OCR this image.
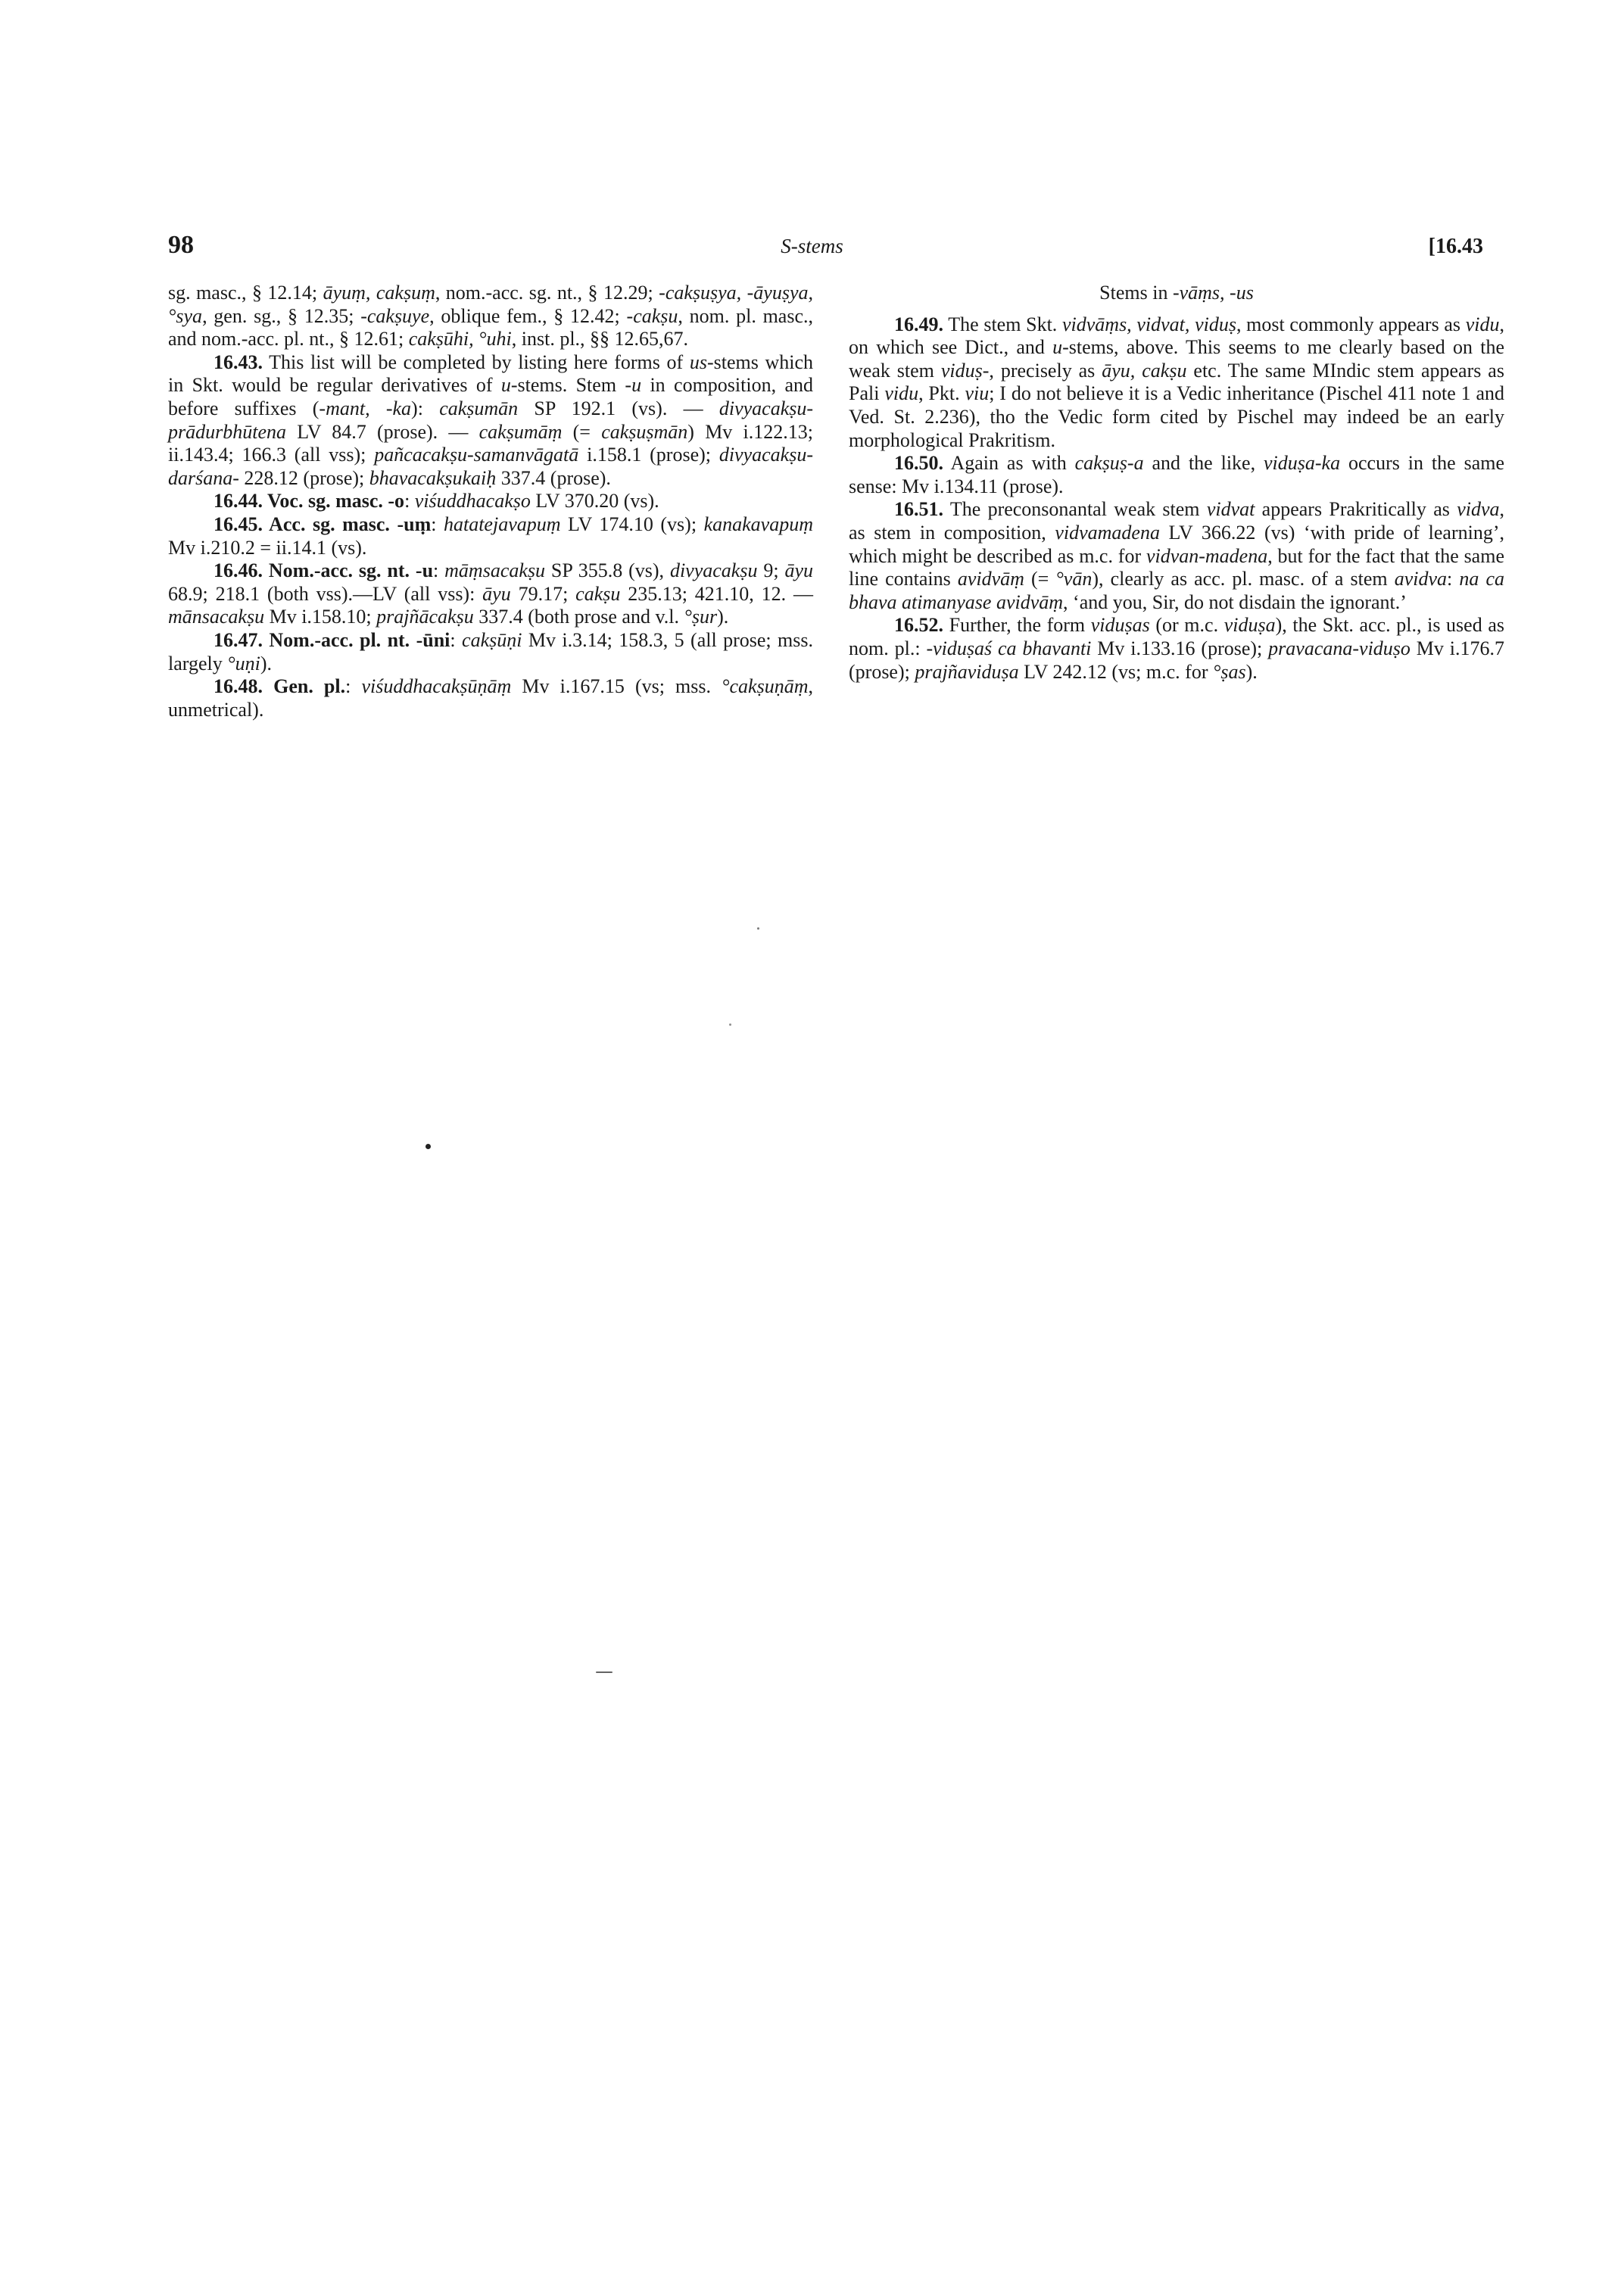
98	S-stems	[16.43

sg. masc., § 12.14; āyuṃ, cakṣuṃ, nom.-acc. sg. nt., § 12.29; -cakṣuṣya, -āyuṣya, °sya, gen. sg., § 12.35; -cakṣuye, oblique fem., § 12.42; -cakṣu, nom. pl. masc., and nom.-acc. pl. nt., § 12.61; cakṣūhi, °uhi, inst. pl., §§ 12.65,67.

16.43. This list will be completed by listing here forms of us-stems which in Skt. would be regular derivatives of u-stems. Stem -u in composition, and before suffixes (-mant, -ka): cakṣumān SP 192.1 (vs). — divyacakṣu-prādurbhūtena LV 84.7 (prose). — cakṣumāṃ (= cakṣuṣmān) Mv i.122.13; ii.143.4; 166.3 (all vss); pañcacakṣu-samanvāgatā i.158.1 (prose); divyacakṣu-darśana- 228.12 (prose); bhavacakṣukaiḥ 337.4 (prose).

16.44. Voc. sg. masc. -o: viśuddhacakṣo LV 370.20 (vs).

16.45. Acc. sg. masc. -uṃ: hatatejavapuṃ LV 174.10 (vs); kanakavapuṃ Mv i.210.2 = ii.14.1 (vs).

16.46. Nom.-acc. sg. nt. -u: māṃsacakṣu SP 355.8 (vs), divyacakṣu 9; āyu 68.9; 218.1 (both vss).—LV (all vss): āyu 79.17; cakṣu 235.13; 421.10, 12. — mānsacakṣu Mv i.158.10; prajñācakṣu 337.4 (both prose and v.l. °ṣur).

16.47. Nom.-acc. pl. nt. -ūni: cakṣūṇi Mv i.3.14; 158.3, 5 (all prose; mss. largely °uṇi).

16.48. Gen. pl.: viśuddhacakṣūṇāṃ Mv i.167.15 (vs; mss. °cakṣuṇāṃ, unmetrical).

Stems in -vāṃs, -us

16.49. The stem Skt. vidvāṃs, vidvat, viduṣ, most commonly appears as vidu, on which see Dict., and u-stems, above. This seems to me clearly based on the weak stem viduṣ-, precisely as āyu, cakṣu etc. The same MIndic stem appears as Pali vidu, Pkt. viu; I do not believe it is a Vedic inheritance (Pischel 411 note 1 and Ved. St. 2.236), tho the Vedic form cited by Pischel may indeed be an early morphological Prakritism.

16.50. Again as with cakṣuṣ-a and the like, viduṣa-ka occurs in the same sense: Mv i.134.11 (prose).

16.51. The preconsonantal weak stem vidvat appears Prakritically as vidva, as stem in composition, vidvamadena LV 366.22 (vs) ‘with pride of learning’, which might be described as m.c. for vidvan-madena, but for the fact that the same line contains avidvāṃ (= °vān), clearly as acc. pl. masc. of a stem avidva: na ca bhava atimanyase avidvāṃ, ‘and you, Sir, do not disdain the ignorant.’

16.52. Further, the form viduṣas (or m.c. viduṣa), the Skt. acc. pl., is used as nom. pl.: -viduṣaś ca bhavanti Mv i.133.16 (prose); pravacana-viduṣo Mv i.176.7 (prose); prajñaviduṣa LV 242.12 (vs; m.c. for °ṣas).
